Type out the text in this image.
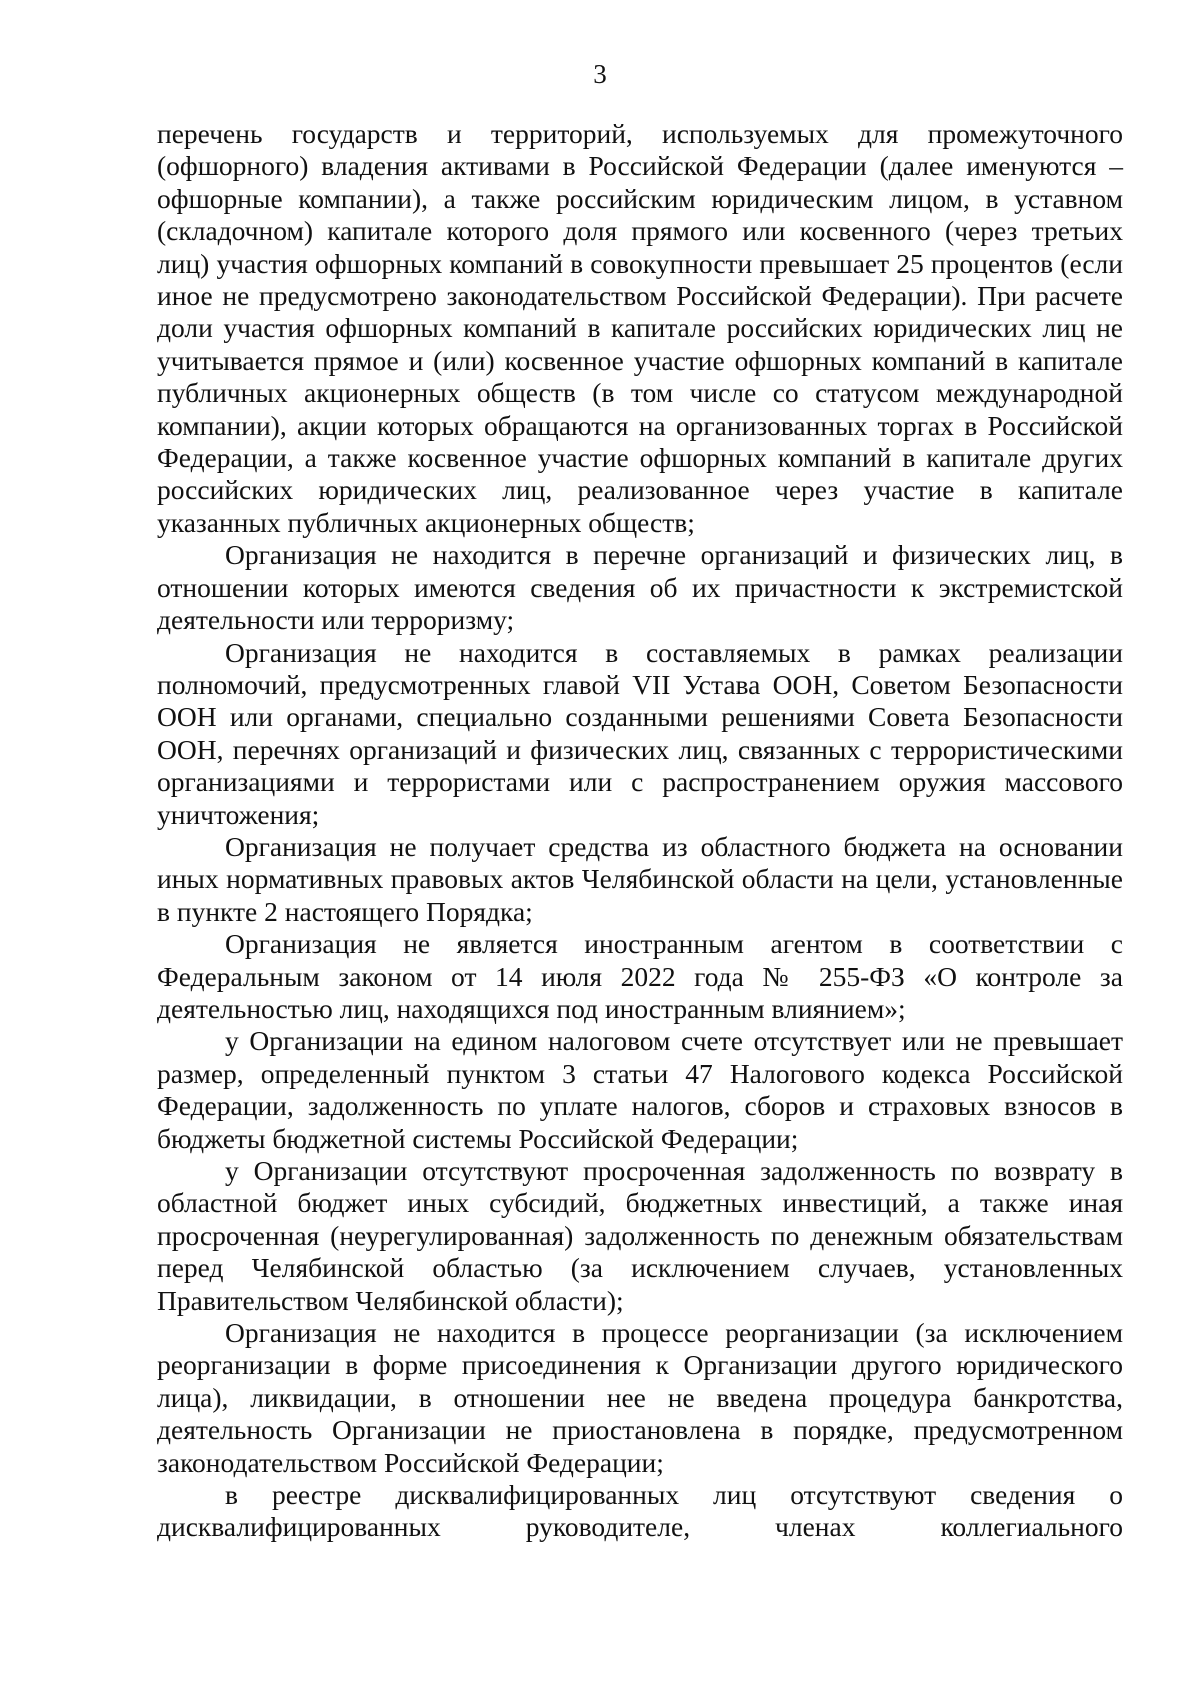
3

перечень государств и территорий, используемых для промежуточного (офшорного) владения активами в Российской Федерации (далее именуются – офшорные компании), а также российским юридическим лицом, в уставном (складочном) капитале которого доля прямого или косвенного (через третьих лиц) участия офшорных компаний в совокупности превышает 25 процентов (если иное не предусмотрено законодательством Российской Федерации). При расчете доли участия офшорных компаний в капитале российских юридических лиц не учитывается прямое и (или) косвенное участие офшорных компаний в капитале публичных акционерных обществ (в том числе со статусом международной компании), акции которых обращаются на организованных торгах в Российской Федерации, а также косвенное участие офшорных компаний в капитале других российских юридических лиц, реализованное через участие в капитале указанных публичных акционерных обществ;

Организация не находится в перечне организаций и физических лиц, в отношении которых имеются сведения об их причастности к экстремистской деятельности или терроризму;

Организация не находится в составляемых в рамках реализации полномочий, предусмотренных главой VII Устава ООН, Советом Безопасности ООН или органами, специально созданными решениями Совета Безопасности ООН, перечнях организаций и физических лиц, связанных с террористическими организациями и террористами или с распространением оружия массового уничтожения;

Организация не получает средства из областного бюджета на основании иных нормативных правовых актов Челябинской области на цели, установленные в пункте 2 настоящего Порядка;

Организация не является иностранным агентом в соответствии с Федеральным законом от 14 июля 2022 года № 255-ФЗ «О контроле за деятельностью лиц, находящихся под иностранным влиянием»;

у Организации на едином налоговом счете отсутствует или не превышает размер, определенный пунктом 3 статьи 47 Налогового кодекса Российской Федерации, задолженность по уплате налогов, сборов и страховых взносов в бюджеты бюджетной системы Российской Федерации;

у Организации отсутствуют просроченная задолженность по возврату в областной бюджет иных субсидий, бюджетных инвестиций, а также иная просроченная (неурегулированная) задолженность по денежным обязательствам перед Челябинской областью (за исключением случаев, установленных Правительством Челябинской области);

Организация не находится в процессе реорганизации (за исключением реорганизации в форме присоединения к Организации другого юридического лица), ликвидации, в отношении нее не введена процедура банкротства, деятельность Организации не приостановлена в порядке, предусмотренном законодательством Российской Федерации;

в реестре дисквалифицированных лиц отсутствуют сведения о дисквалифицированных руководителе, членах коллегиального
